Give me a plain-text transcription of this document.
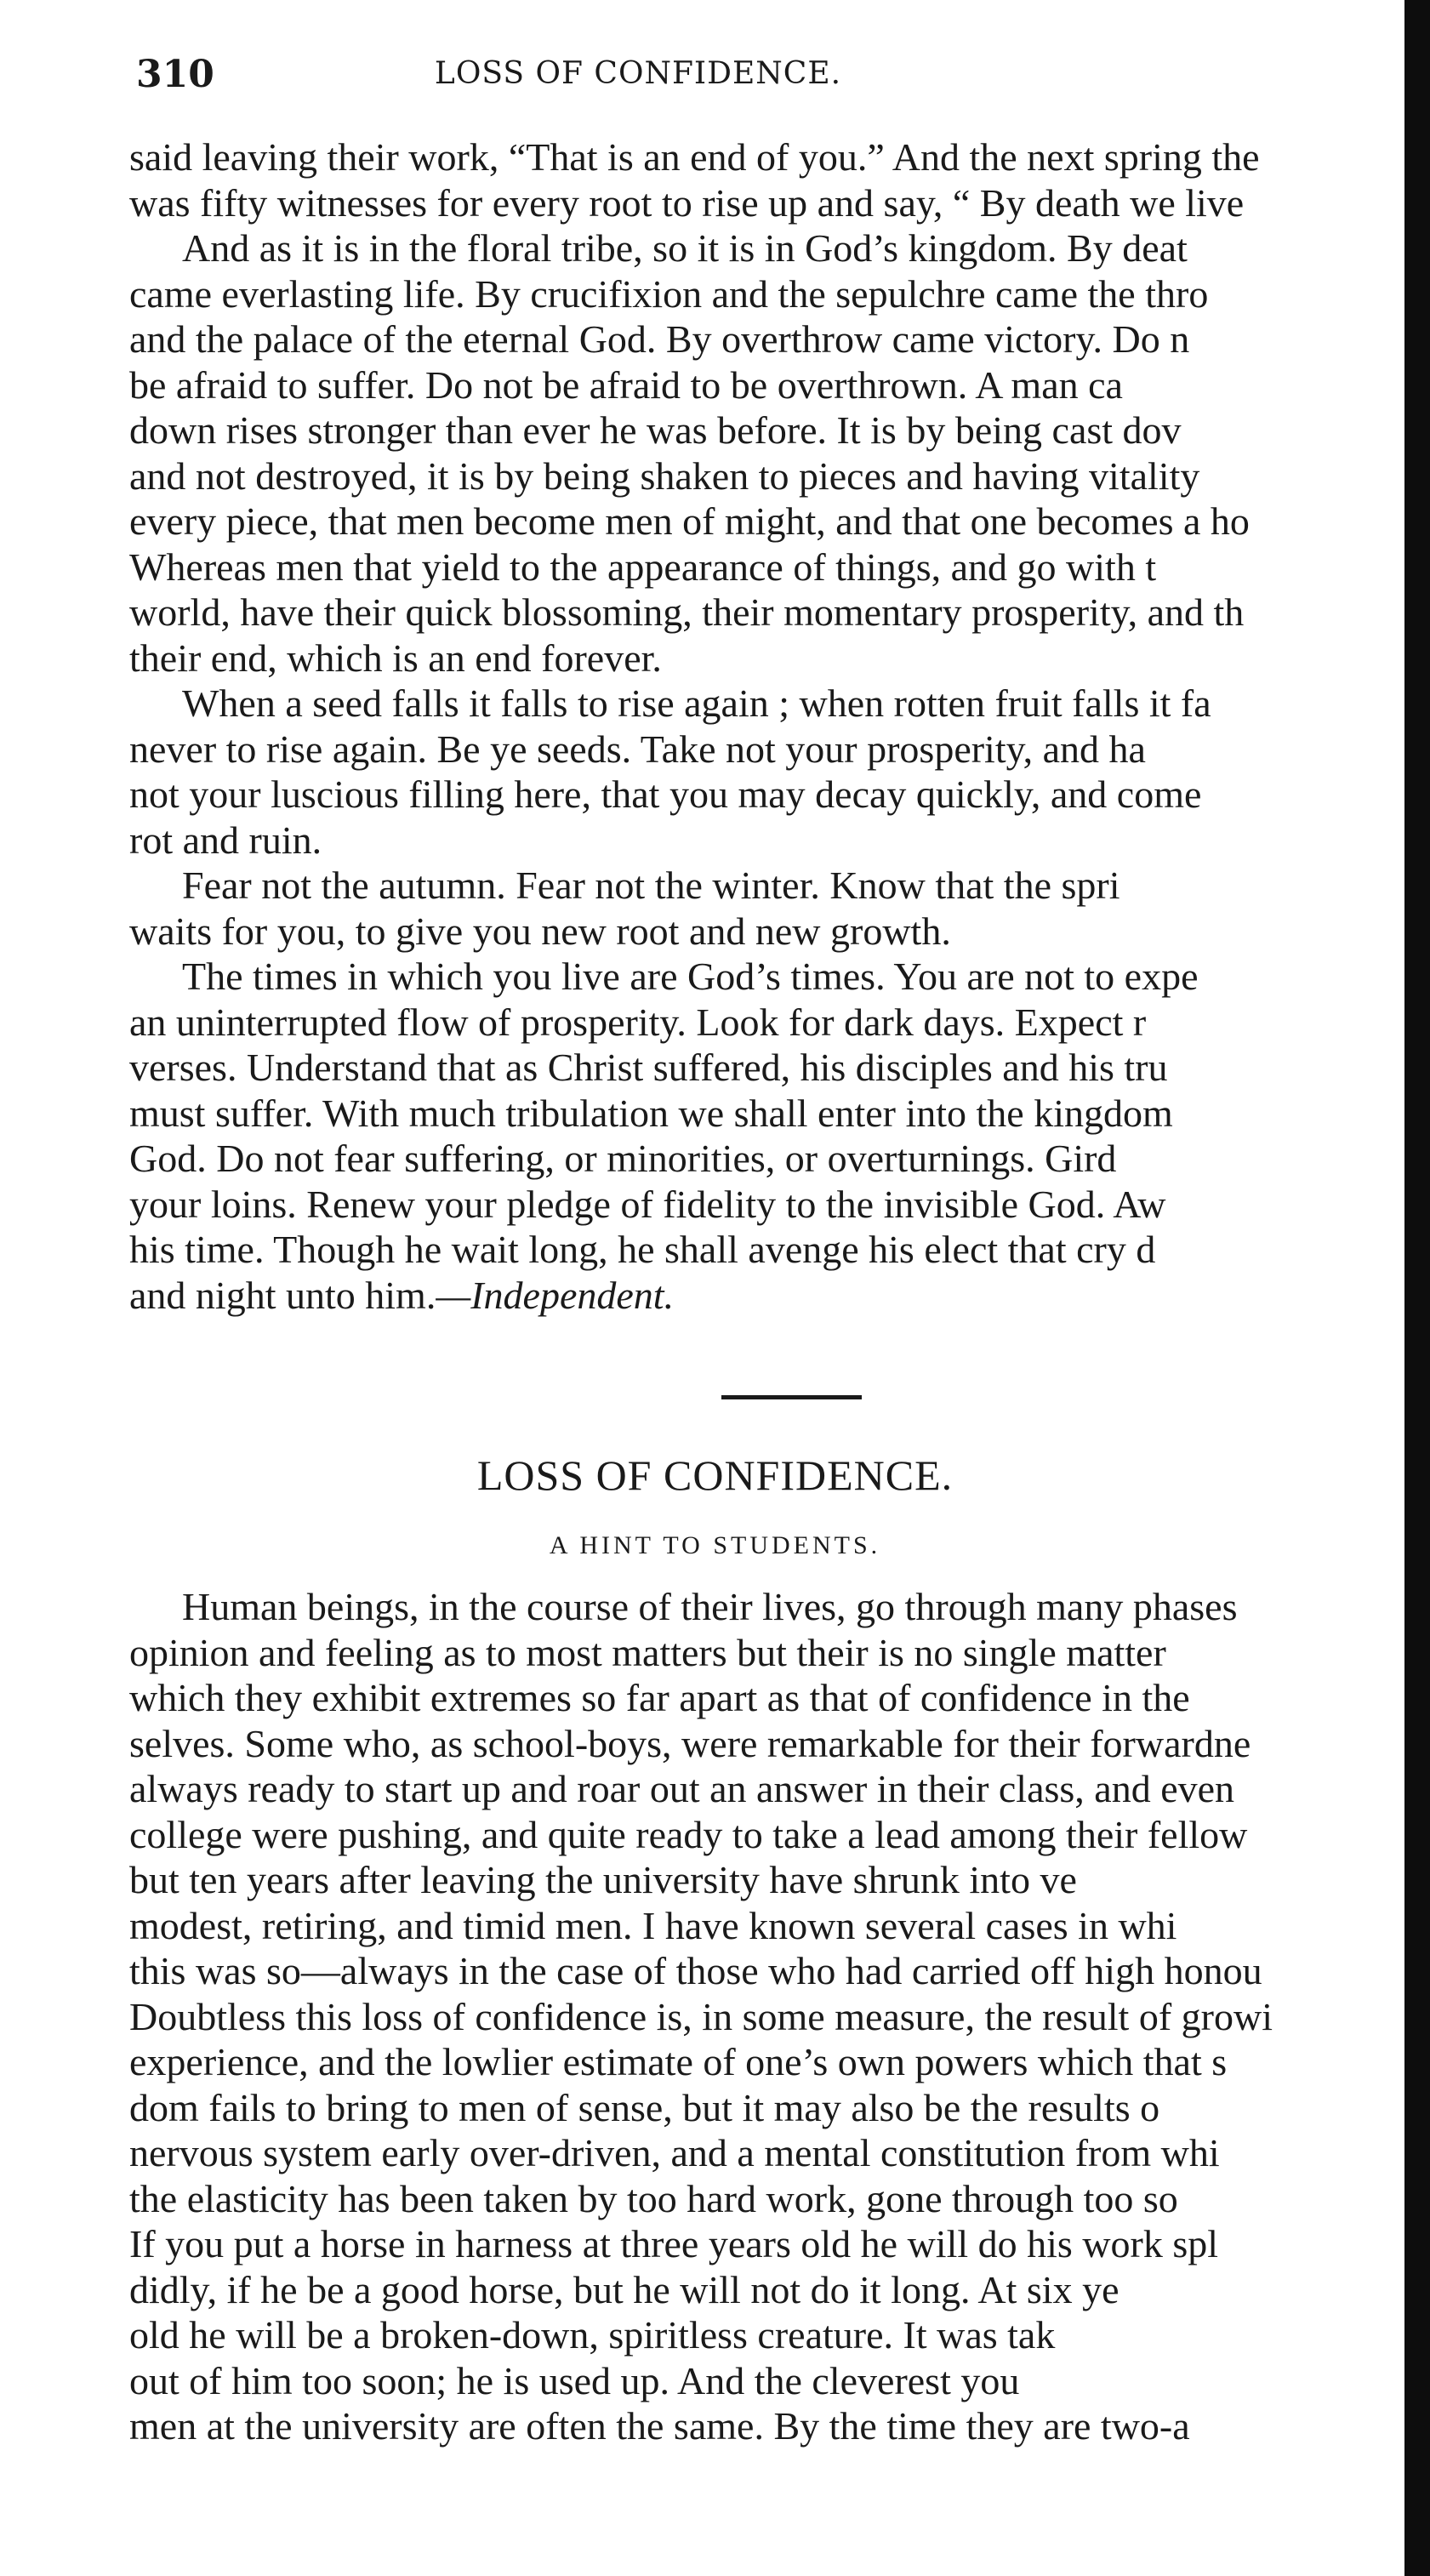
310	LOSS OF CONFIDENCE.
said leaving their work, “That is an end of you.” And the next spring the
was fifty witnesses for every root to rise up and say, “ By death we live
And as it is in the floral tribe, so it is in God’s kingdom. By deat
came everlasting life. By crucifixion and the sepulchre came the thro
and the palace of the eternal God. By overthrow came victory. Do n
be afraid to suffer. Do not be afraid to be overthrown. A man ca
down rises stronger than ever he was before. It is by being cast dov
and not destroyed, it is by being shaken to pieces and having vitality
every piece, that men become men of might, and that one becomes a ho
Whereas men that yield to the appearance of things, and go with t
world, have their quick blossoming, their momentary prosperity, and th
their end, which is an end forever.
When a seed falls it falls to rise again ; when rotten fruit falls it fa
never to rise again. Be ye seeds. Take not your prosperity, and ha
not your luscious filling here, that you may decay quickly, and come
rot and ruin.
Fear not the autumn. Fear not the winter. Know that the spri
waits for you, to give you new root and new growth.
The times in which you live are God’s times. You are not to expe
an uninterrupted flow of prosperity. Look for dark days. Expect r
verses. Understand that as Christ suffered, his disciples and his tru
must suffer. With much tribulation we shall enter into the kingdom
God. Do not fear suffering, or minorities, or overturnings. Gird
your loins. Renew your pledge of fidelity to the invisible God. Aw
his time. Though he wait long, he shall avenge his elect that cry d
and night unto him.—Independent.
LOSS OF CONFIDENCE.
A HINT TO STUDENTS.
Human beings, in the course of their lives, go through many phases
opinion and feeling as to most matters but their is no single matter
which they exhibit extremes so far apart as that of confidence in the
selves. Some who, as school-boys, were remarkable for their forwardne
always ready to start up and roar out an answer in their class, and even
college were pushing, and quite ready to take a lead among their fellow
but ten years after leaving the university have shrunk into ve
modest, retiring, and timid men. I have known several cases in whi
this was so—always in the case of those who had carried off high honou
Doubtless this loss of confidence is, in some measure, the result of growi
experience, and the lowlier estimate of one’s own powers which that s
dom fails to bring to men of sense, but it may also be the results o
nervous system early over-driven, and a mental constitution from whi
the elasticity has been taken by too hard work, gone through too so
If you put a horse in harness at three years old he will do his work spl
didly, if he be a good horse, but he will not do it long. At six ye
old he will be a broken-down, spiritless creature. It was tak
out of him too soon; he is used up. And the cleverest you
men at the university are often the same. By the time they are two-a
